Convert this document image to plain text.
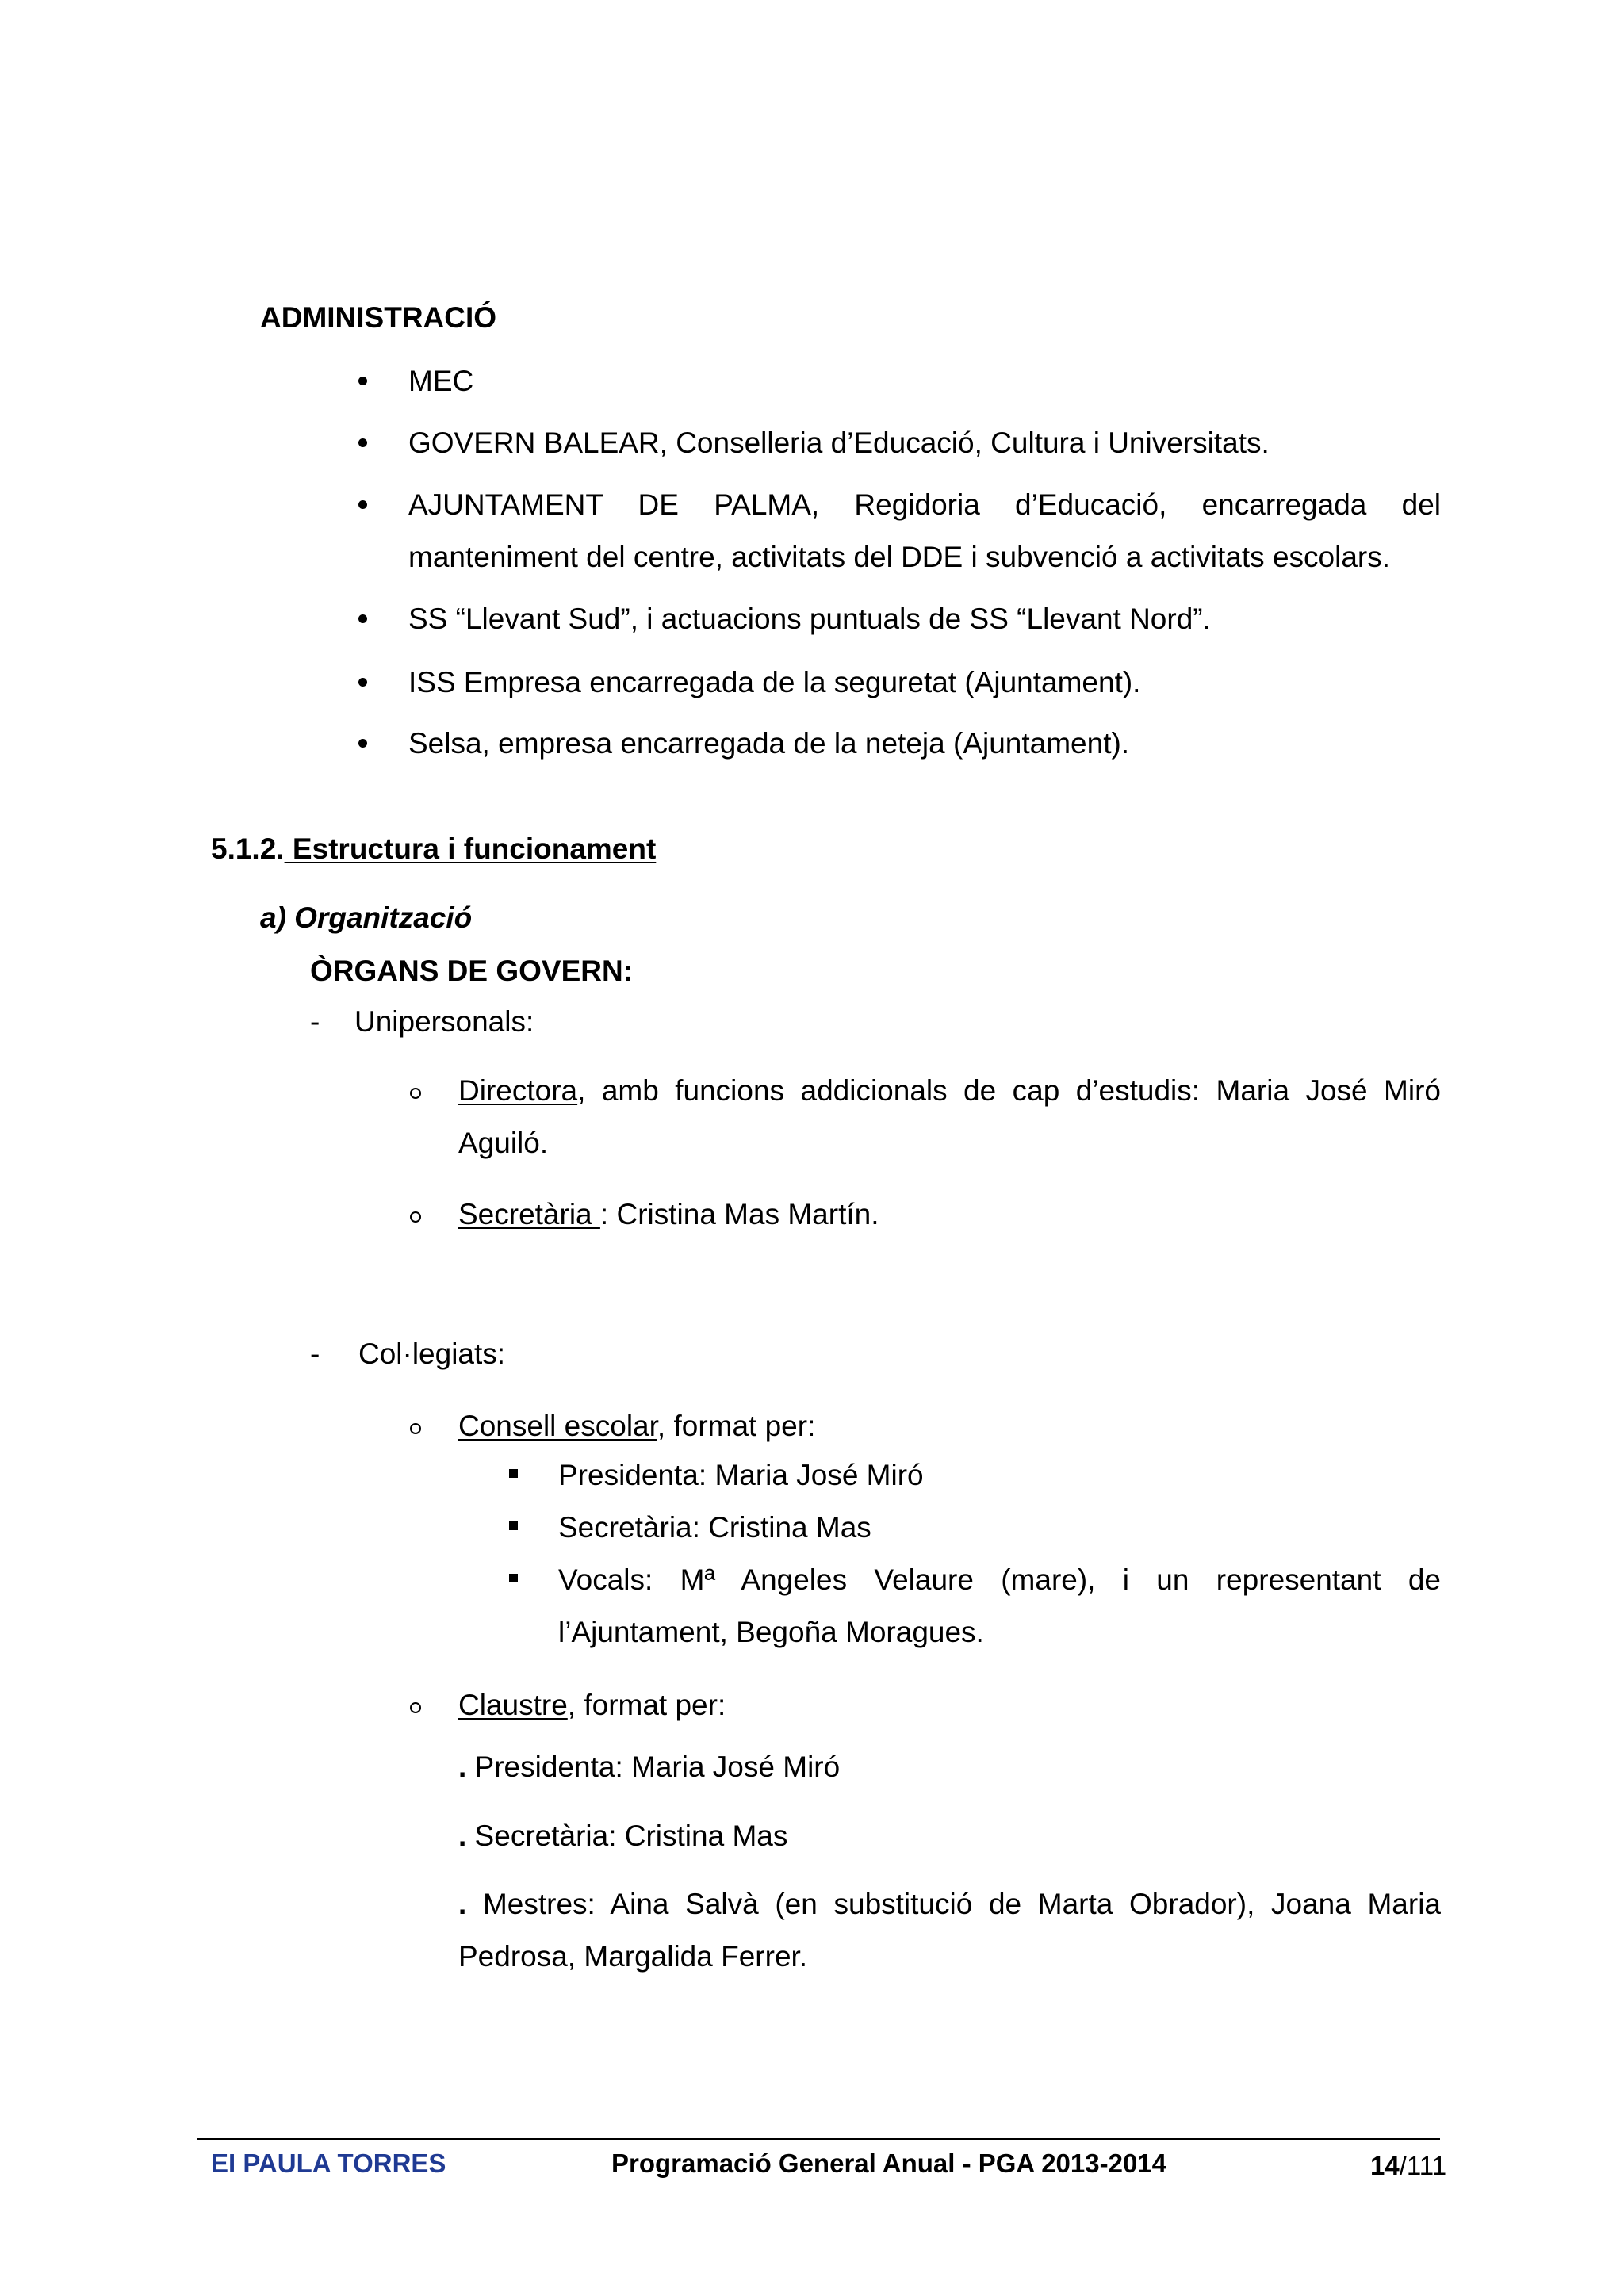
ADMINISTRACIÓ
MEC
GOVERN BALEAR, Conselleria d’Educació, Cultura i Universitats.
AJUNTAMENT DE PALMA, Regidoria d’Educació, encarregada del
manteniment del centre, activitats del DDE i subvenció a activitats escolars.
SS “Llevant Sud”, i actuacions puntuals de SS “Llevant Nord”.
ISS Empresa encarregada de la seguretat (Ajuntament).
Selsa, empresa encarregada de la neteja (Ajuntament).
5.1.2. Estructura i funcionament
a) Organització
ÒRGANS DE GOVERN:
- Unipersonals:
Directora, amb funcions addicionals de cap d’estudis: Maria José Miró
Aguiló.
Secretària : Cristina Mas Martín.
- Col·legiats:
Consell escolar, format per:
Presidenta: Maria José Miró
Secretària: Cristina Mas
Vocals: Mª Angeles Velaure (mare), i un representant de
l’Ajuntament, Begoña Moragues.
Claustre, format per:
. Presidenta: Maria José Miró
. Secretària: Cristina Mas
. Mestres: Aina Salvà (en substitució de Marta Obrador), Joana Maria
Pedrosa, Margalida Ferrer.
EI PAULA TORRES	Programació General Anual - PGA 2013-2014	14/111
